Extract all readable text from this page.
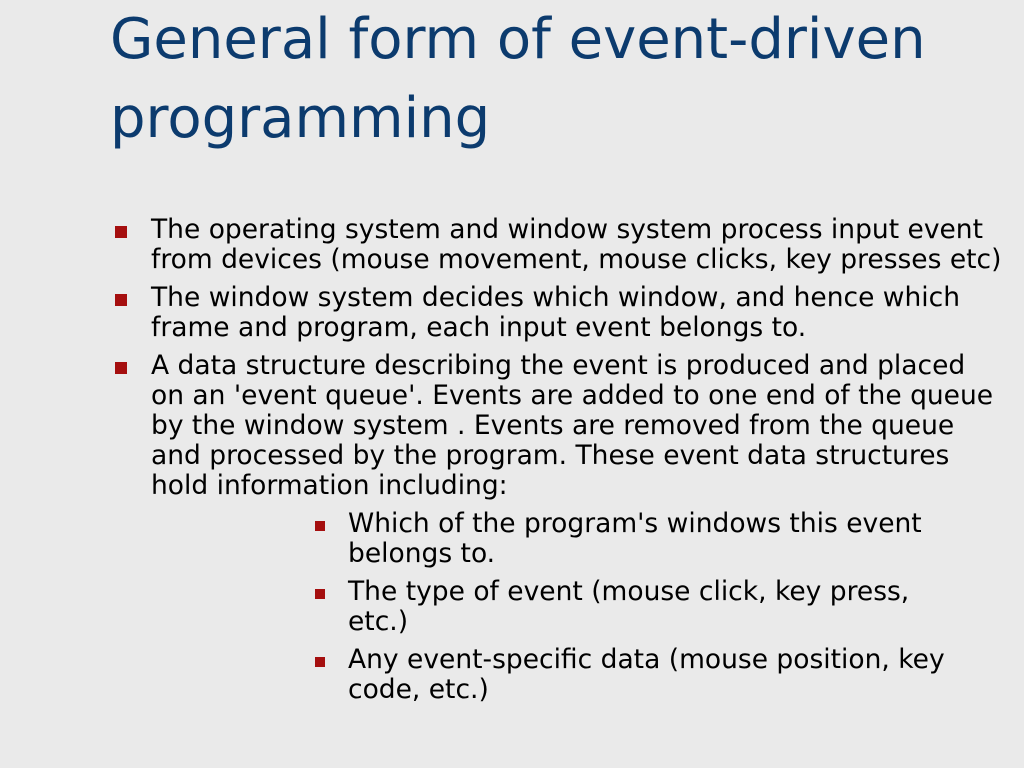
General form of event-driven programming
The operating system and window system process input event from devices (mouse movement, mouse clicks, key presses etc)
The window system decides which window, and hence which frame and program, each input event belongs to.
A data structure describing the event is produced and placed on an 'event queue'. Events are added to one end of the queue by the window system . Events are removed from the queue and processed by the program. These event data structures hold information including:
Which of the program's windows this event belongs to.
The type of event (mouse click, key press, etc.)
Any event-specific data (mouse position, key code, etc.)
